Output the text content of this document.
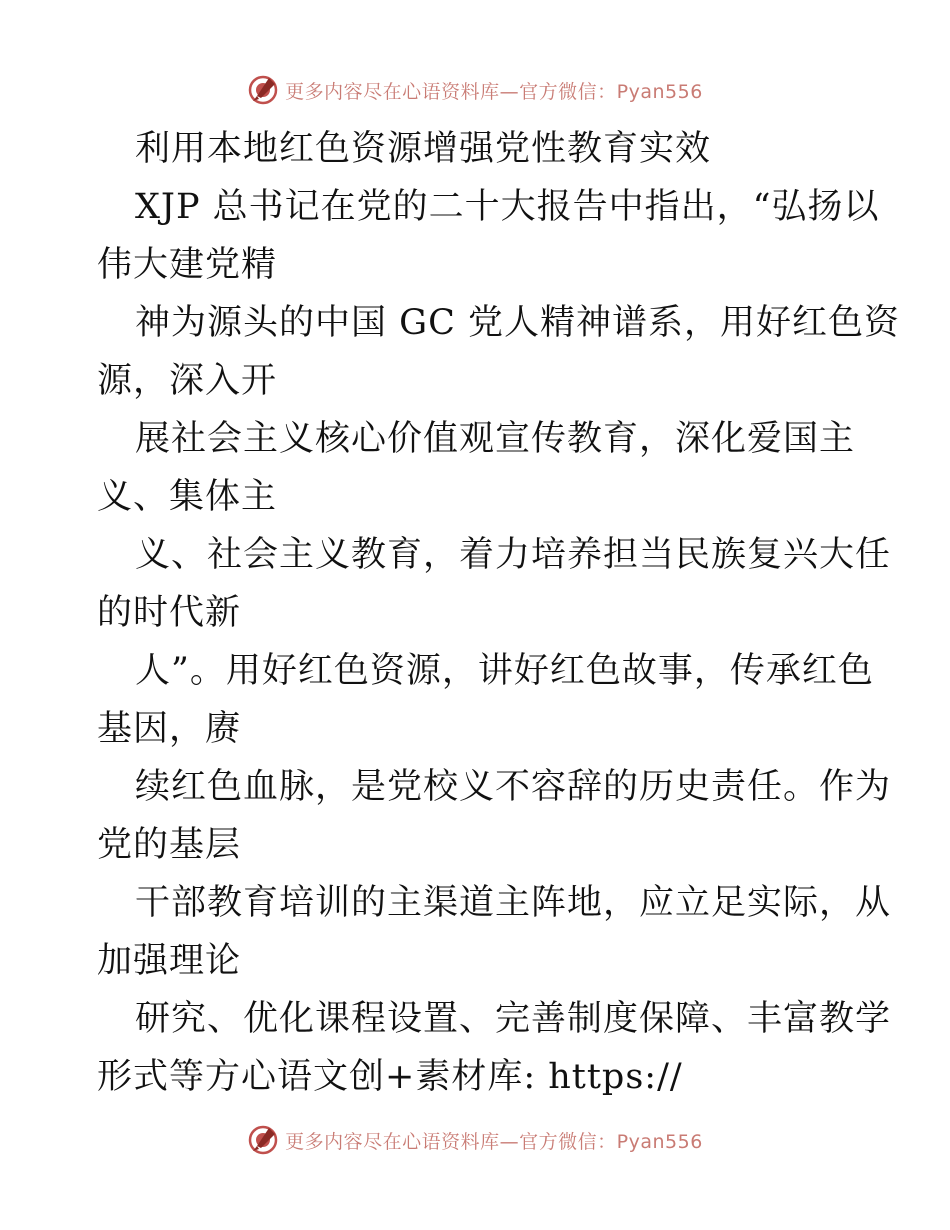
更多内容尽在心语资料库—官方微信：Pyan556
利用本地红色资源增强党性教育实效
XJP 总书记在党的二十大报告中指出，“弘扬以
伟大建党精
神为源头的中国 GC 党人精神谱系，用好红色资
源，深入开
展社会主义核心价值观宣传教育，深化爱国主
义、集体主
义、社会主义教育，着力培养担当民族复兴大任
的时代新
人”。用好红色资源，讲好红色故事，传承红色
基因，赓
续红色血脉，是党校义不容辞的历史责任。作为
党的基层
干部教育培训的主渠道主阵地，应立足实际，从
加强理论
研究、优化课程设置、完善制度保障、丰富教学
形式等方心语文创+素材库: https://
更多内容尽在心语资料库—官方微信：Pyan556
